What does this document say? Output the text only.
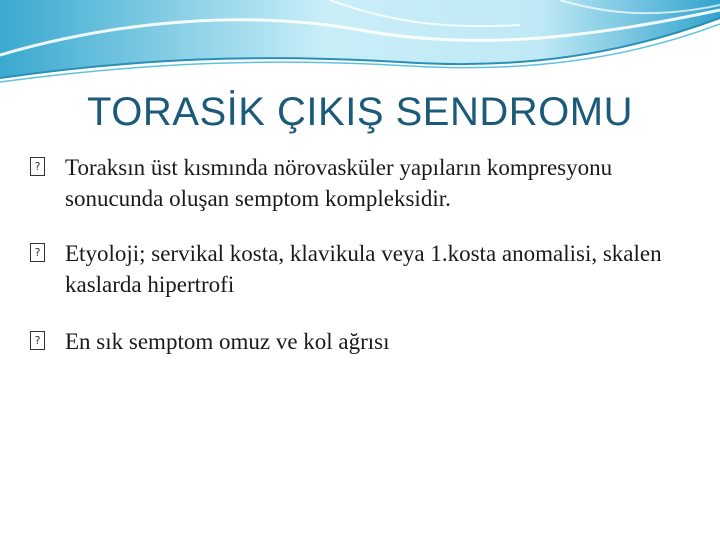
TORASİK ÇIKIŞ SENDROMU
? Toraksın üst kısmında nörovasküler yapıların kompresyonu sonucunda oluşan semptom kompleksidir.
? Etyoloji; servikal kosta, klavikula veya 1.kosta anomalisi, skalen kaslarda hipertrofi
? En sık semptom omuz ve kol ağrısı
